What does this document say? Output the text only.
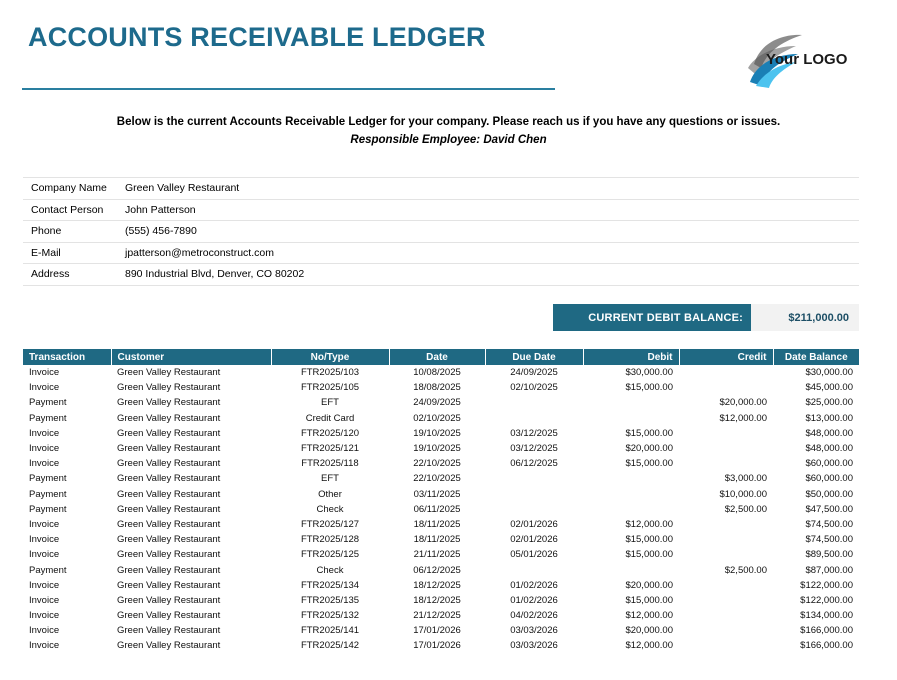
ACCOUNTS RECEIVABLE LEDGER
Your LOGO
Below is the current Accounts Receivable Ledger for your company. Please reach us if you have any questions or issues.
Responsible Employee: David Chen
Company Name	Green Valley Restaurant
Contact Person	John Patterson
Phone	(555) 456-7890
E-Mail	jpatterson@metroconstruct.com
Address	890 Industrial Blvd, Denver, CO 80202
CURRENT DEBIT BALANCE:	$211,000.00
Transaction	Customer	No/Type	Date	Due Date	Debit	Credit	Date Balance
Invoice	Green Valley Restaurant	FTR2025/103	10/08/2025	24/09/2025	$30,000.00		$30,000.00
Invoice	Green Valley Restaurant	FTR2025/105	18/08/2025	02/10/2025	$15,000.00		$45,000.00
Payment	Green Valley Restaurant	EFT	24/09/2025			$20,000.00	$25,000.00
Payment	Green Valley Restaurant	Credit Card	02/10/2025			$12,000.00	$13,000.00
Invoice	Green Valley Restaurant	FTR2025/120	19/10/2025	03/12/2025	$15,000.00		$48,000.00
Invoice	Green Valley Restaurant	FTR2025/121	19/10/2025	03/12/2025	$20,000.00		$48,000.00
Invoice	Green Valley Restaurant	FTR2025/118	22/10/2025	06/12/2025	$15,000.00		$60,000.00
Payment	Green Valley Restaurant	EFT	22/10/2025			$3,000.00	$60,000.00
Payment	Green Valley Restaurant	Other	03/11/2025			$10,000.00	$50,000.00
Payment	Green Valley Restaurant	Check	06/11/2025			$2,500.00	$47,500.00
Invoice	Green Valley Restaurant	FTR2025/127	18/11/2025	02/01/2026	$12,000.00		$74,500.00
Invoice	Green Valley Restaurant	FTR2025/128	18/11/2025	02/01/2026	$15,000.00		$74,500.00
Invoice	Green Valley Restaurant	FTR2025/125	21/11/2025	05/01/2026	$15,000.00		$89,500.00
Payment	Green Valley Restaurant	Check	06/12/2025			$2,500.00	$87,000.00
Invoice	Green Valley Restaurant	FTR2025/134	18/12/2025	01/02/2026	$20,000.00		$122,000.00
Invoice	Green Valley Restaurant	FTR2025/135	18/12/2025	01/02/2026	$15,000.00		$122,000.00
Invoice	Green Valley Restaurant	FTR2025/132	21/12/2025	04/02/2026	$12,000.00		$134,000.00
Invoice	Green Valley Restaurant	FTR2025/141	17/01/2026	03/03/2026	$20,000.00		$166,000.00
Invoice	Green Valley Restaurant	FTR2025/142	17/01/2026	03/03/2026	$12,000.00		$166,000.00
